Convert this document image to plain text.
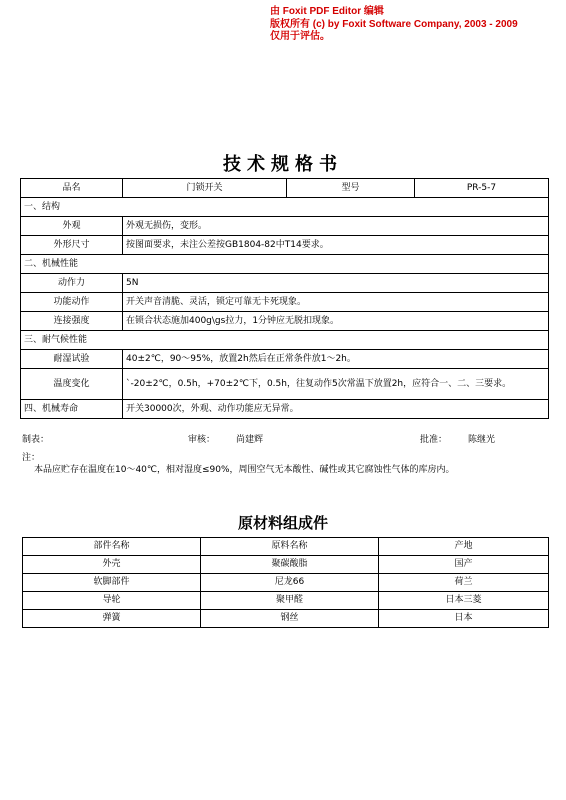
由 Foxit PDF Editor 编辑
版权所有 (c) by Foxit Software Company, 2003 - 2009
仅用于评估。
技术规格书
品名	门锁开关	型号	PR-5-7
一、结构			
外观	外观无损伤，变形。		
外形尺寸	按图面要求，未注公差按GB1804-82中T14要求。		
二、机械性能			
动作力	5N		
功能动作	开关声音清脆、灵活，锁定可靠无卡死现象。		
连接强度	在锁合状态施加400g\gs拉力，1分钟应无脱扣现象。		
三、耐气候性能			
耐湿试验	40±2℃，90～95%，放置2h然后在正常条件放1～2h。		
温度变化	`-20±2℃，0.5h，+70±2℃下，0.5h，往复动作5次常温下放置2h，应符合一、二、三要求。		
四、机械寿命	开关30000次，外观、动作功能应无异常。		
制表：	审核： 尚建辉	批准： 陈继光
注：
本品应贮存在温度在10～40℃，相对湿度≤90%，周围空气无本酸性、碱性或其它腐蚀性气体的库房内。
原材料组成件
部件名称	原料名称	产地
外壳	聚碳酸脂	国产
软脚部件	尼龙66	荷兰
导轮	聚甲醛	日本三菱
弹簧	钢丝	日本
